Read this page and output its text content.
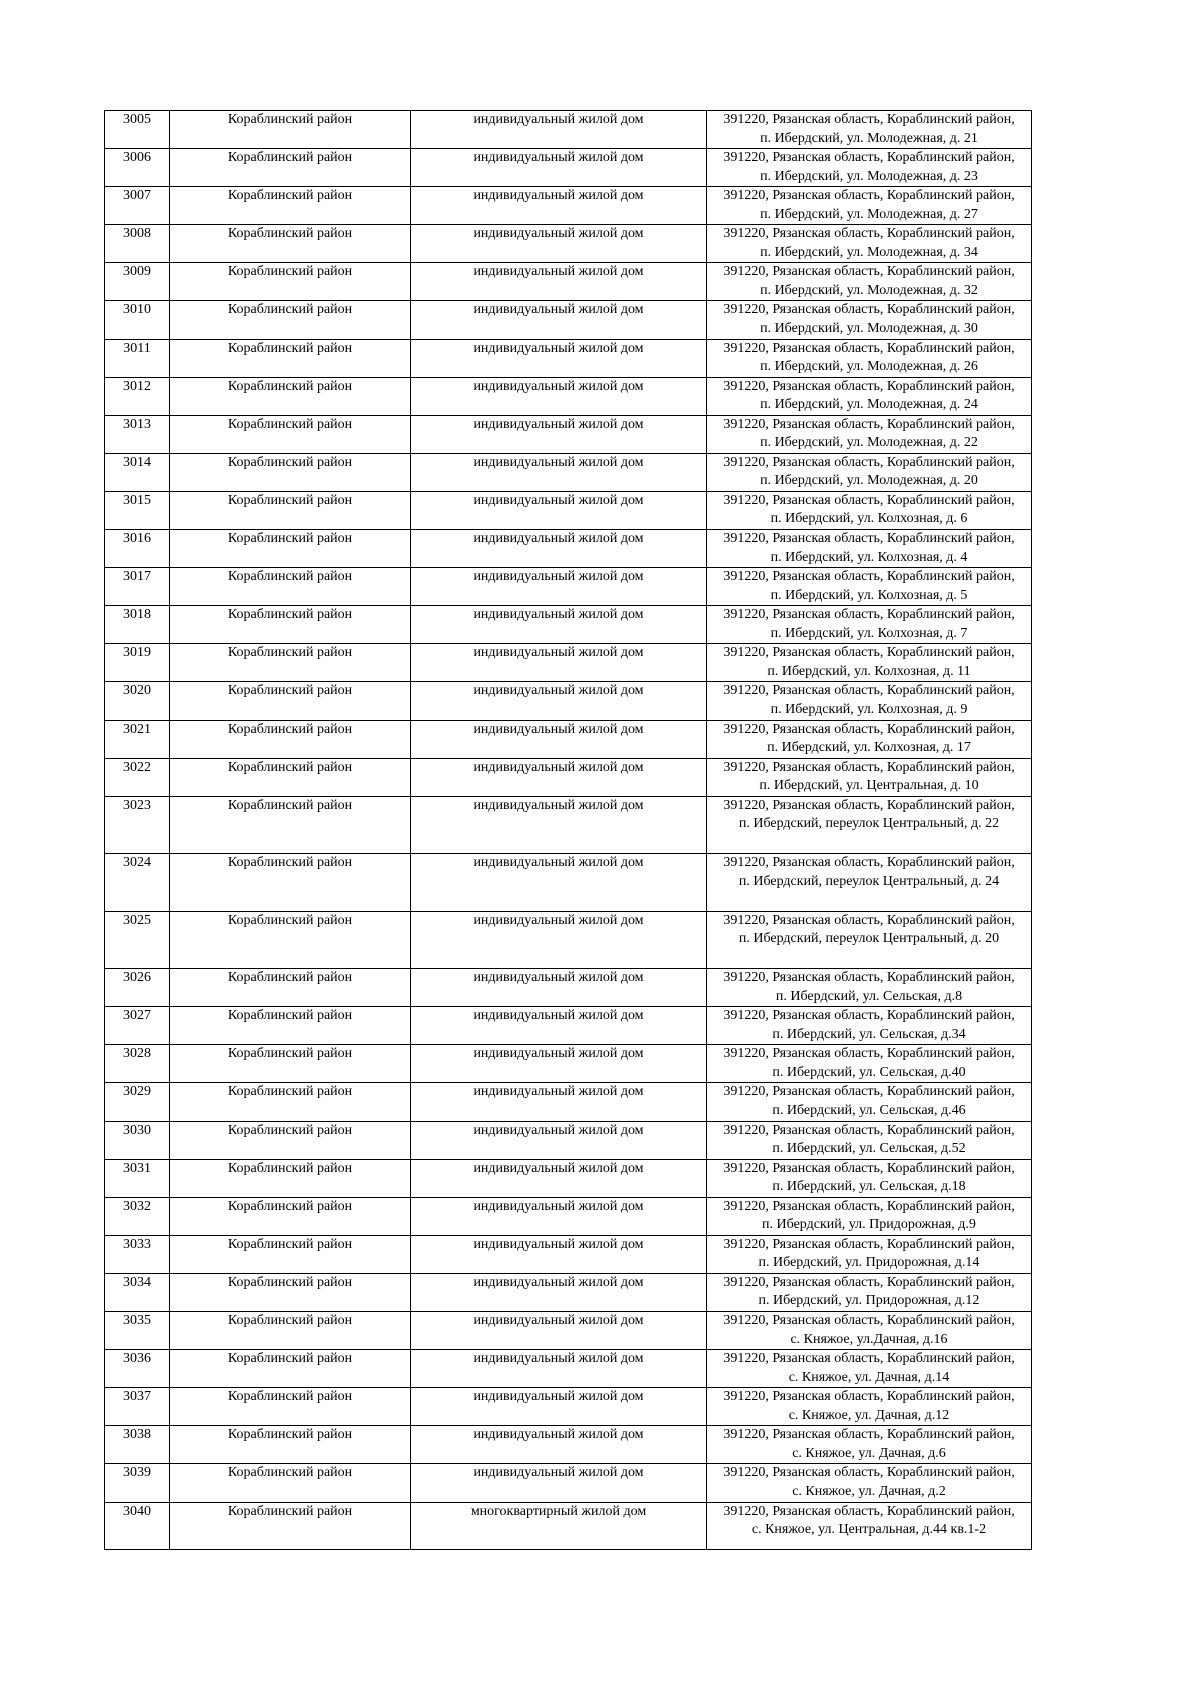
3005	Кораблинский район	индивидуальный жилой дом	391220, Рязанская область, Кораблинский район,
п. Ибердский, ул. Молодежная, д. 21

3006	Кораблинский район	индивидуальный жилой дом	391220, Рязанская область, Кораблинский район,
п. Ибердский, ул. Молодежная, д. 23

3007	Кораблинский район	индивидуальный жилой дом	391220, Рязанская область, Кораблинский район,
п. Ибердский, ул. Молодежная, д. 27

3008	Кораблинский район	индивидуальный жилой дом	391220, Рязанская область, Кораблинский район,
п. Ибердский, ул. Молодежная, д. 34

3009	Кораблинский район	индивидуальный жилой дом	391220, Рязанская область, Кораблинский район,
п. Ибердский, ул. Молодежная, д. 32

3010	Кораблинский район	индивидуальный жилой дом	391220, Рязанская область, Кораблинский район,
п. Ибердский, ул. Молодежная, д. 30

3011	Кораблинский район	индивидуальный жилой дом	391220, Рязанская область, Кораблинский район,
п. Ибердский, ул. Молодежная, д. 26

3012	Кораблинский район	индивидуальный жилой дом	391220, Рязанская область, Кораблинский район,
п. Ибердский, ул. Молодежная, д. 24

3013	Кораблинский район	индивидуальный жилой дом	391220, Рязанская область, Кораблинский район,
п. Ибердский, ул. Молодежная, д. 22

3014	Кораблинский район	индивидуальный жилой дом	391220, Рязанская область, Кораблинский район,
п. Ибердский, ул. Молодежная, д. 20

3015	Кораблинский район	индивидуальный жилой дом	391220, Рязанская область, Кораблинский район,
п. Ибердский, ул. Колхозная, д. 6

3016	Кораблинский район	индивидуальный жилой дом	391220, Рязанская область, Кораблинский район,
п. Ибердский, ул. Колхозная, д. 4

3017	Кораблинский район	индивидуальный жилой дом	391220, Рязанская область, Кораблинский район,
п. Ибердский, ул. Колхозная, д. 5

3018	Кораблинский район	индивидуальный жилой дом	391220, Рязанская область, Кораблинский район,
п. Ибердский, ул. Колхозная, д. 7

3019	Кораблинский район	индивидуальный жилой дом	391220, Рязанская область, Кораблинский район,
п. Ибердский, ул. Колхозная, д. 11

3020	Кораблинский район	индивидуальный жилой дом	391220, Рязанская область, Кораблинский район,
п. Ибердский, ул. Колхозная, д. 9

3021	Кораблинский район	индивидуальный жилой дом	391220, Рязанская область, Кораблинский район,
п. Ибердский, ул. Колхозная, д. 17

3022	Кораблинский район	индивидуальный жилой дом	391220, Рязанская область, Кораблинский район,
п. Ибердский, ул. Центральная, д. 10

3023	Кораблинский район	индивидуальный жилой дом	391220, Рязанская область, Кораблинский район,
п. Ибердский, переулок Центральный, д. 22

3024	Кораблинский район	индивидуальный жилой дом	391220, Рязанская область, Кораблинский район,
п. Ибердский, переулок Центральный, д. 24

3025	Кораблинский район	индивидуальный жилой дом	391220, Рязанская область, Кораблинский район,
п. Ибердский, переулок Центральный, д. 20

3026	Кораблинский район	индивидуальный жилой дом	391220, Рязанская область, Кораблинский район,
п. Ибердский, ул. Сельская, д.8

3027	Кораблинский район	индивидуальный жилой дом	391220, Рязанская область, Кораблинский район,
п. Ибердский, ул. Сельская, д.34

3028	Кораблинский район	индивидуальный жилой дом	391220, Рязанская область, Кораблинский район,
п. Ибердский, ул. Сельская, д.40

3029	Кораблинский район	индивидуальный жилой дом	391220, Рязанская область, Кораблинский район,
п. Ибердский, ул. Сельская, д.46

3030	Кораблинский район	индивидуальный жилой дом	391220, Рязанская область, Кораблинский район,
п. Ибердский, ул. Сельская, д.52

3031	Кораблинский район	индивидуальный жилой дом	391220, Рязанская область, Кораблинский район,
п. Ибердский, ул. Сельская, д.18

3032	Кораблинский район	индивидуальный жилой дом	391220, Рязанская область, Кораблинский район,
п. Ибердский, ул. Придорожная, д.9

3033	Кораблинский район	индивидуальный жилой дом	391220, Рязанская область, Кораблинский район,
п. Ибердский, ул. Придорожная, д.14

3034	Кораблинский район	индивидуальный жилой дом	391220, Рязанская область, Кораблинский район,
п. Ибердский, ул. Придорожная, д.12

3035	Кораблинский район	индивидуальный жилой дом	391220, Рязанская область, Кораблинский район,
с. Княжое, ул.Дачная, д.16

3036	Кораблинский район	индивидуальный жилой дом	391220, Рязанская область, Кораблинский район,
с. Княжое, ул. Дачная, д.14

3037	Кораблинский район	индивидуальный жилой дом	391220, Рязанская область, Кораблинский район,
с. Княжое, ул. Дачная, д.12

3038	Кораблинский район	индивидуальный жилой дом	391220, Рязанская область, Кораблинский район,
с. Княжое, ул. Дачная, д.6

3039	Кораблинский район	индивидуальный жилой дом	391220, Рязанская область, Кораблинский район,
с. Княжое, ул. Дачная, д.2

3040	Кораблинский район	многоквартирный жилой дом	391220, Рязанская область, Кораблинский район,
с. Княжое, ул. Центральная, д.44 кв.1-2
